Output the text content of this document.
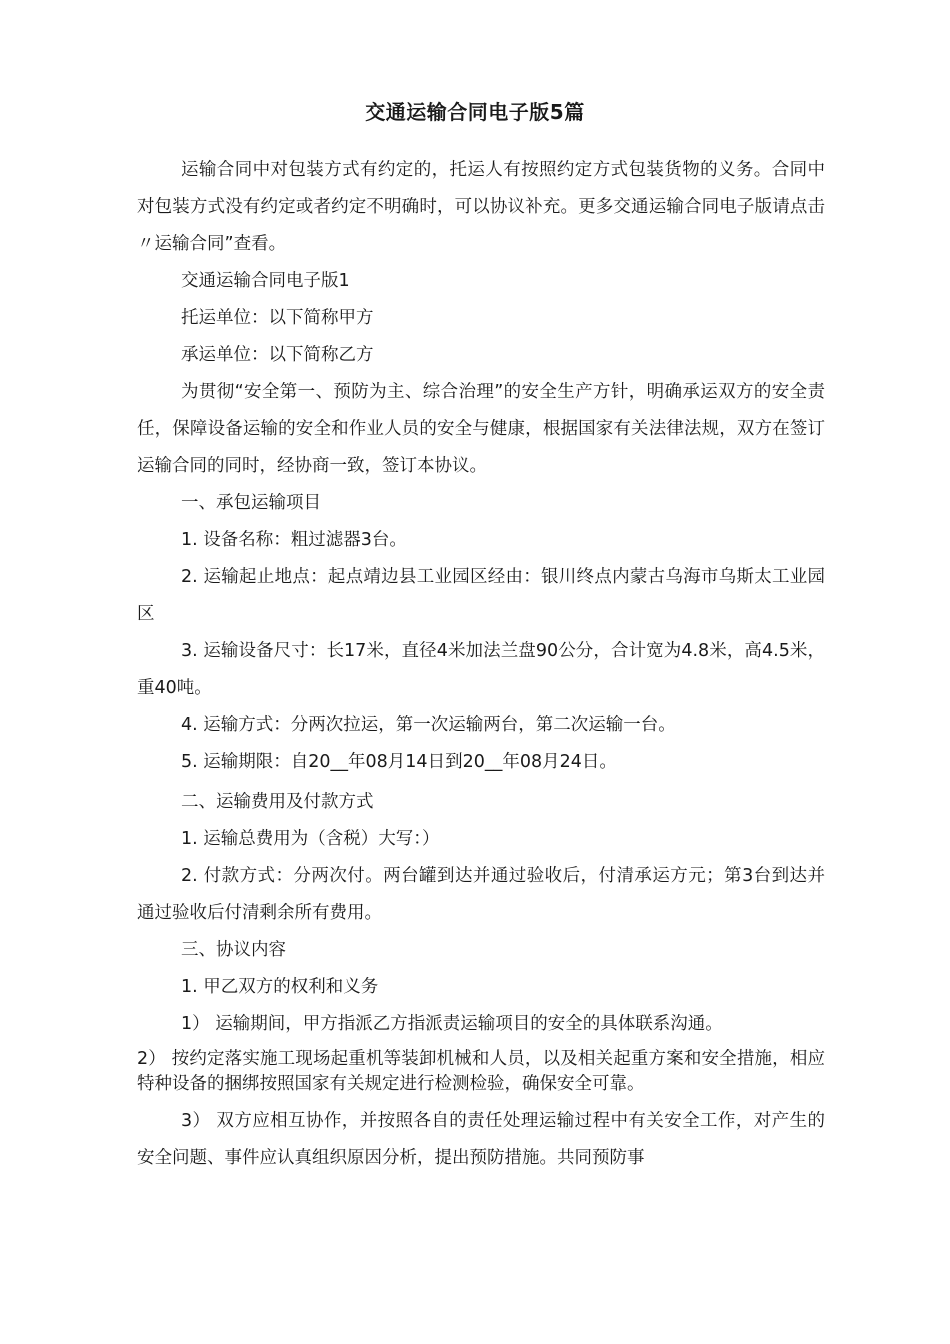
交通运输合同电子版5篇

运输合同中对包装方式有约定的，托运人有按照约定方式包装货物的义务。合同中对包装方式没有约定或者约定不明确时，可以协议补充。更多交通运输合同电子版请点击〃运输合同”查看。

交通运输合同电子版1

托运单位：以下简称甲方

承运单位：以下简称乙方

为贯彻“安全第一、预防为主、综合治理”的安全生产方针，明确承运双方的安全责任，保障设备运输的安全和作业人员的安全与健康，根据国家有关法律法规，双方在签订运输合同的同时，经协商一致，签订本协议。

一、承包运输项目

1. 设备名称：粗过滤器3台。

2. 运输起止地点：起点靖边县工业园区经由：银川终点内蒙古乌海市乌斯太工业园区

3. 运输设备尺寸：长17米，直径4米加法兰盘90公分，合计宽为4.8米，高4.5米，重40吨。

4. 运输方式：分两次拉运，第一次运输两台，第二次运输一台。

5. 运输期限：自20__年08月14日到20__年08月24日。

二、运输费用及付款方式

1. 运输总费用为（含税）大写：）

2. 付款方式：分两次付。两台罐到达并通过验收后，付清承运方元；第3台到达并通过验收后付清剩余所有费用。

三、协议内容

1. 甲乙双方的权利和义务

1） 运输期间，甲方指派乙方指派责运输项目的安全的具体联系沟通。

2） 按约定落实施工现场起重机等装卸机械和人员，以及相关起重方案和安全措施，相应特种设备的捆绑按照国家有关规定进行检测检验，确保安全可靠。

3） 双方应相互协作，并按照各自的责任处理运输过程中有关安全工作，对产生的安全问题、事件应认真组织原因分析，提出预防措施。共同预防事
